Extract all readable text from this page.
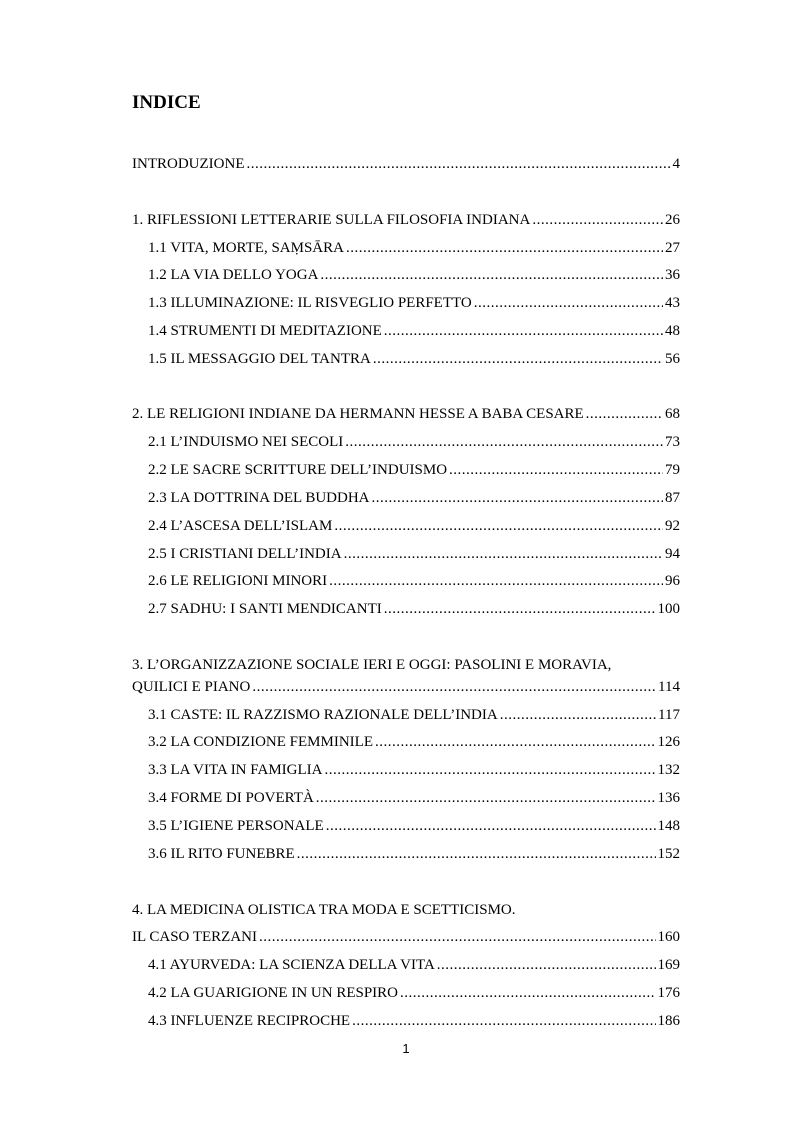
INDICE
INTRODUZIONE .....	4
1. RIFLESSIONI LETTERARIE SULLA FILOSOFIA INDIANA .....	26
1.1 VITA, MORTE, SAṂSĀRA .....	27
1.2 LA VIA DELLO YOGA .....	36
1.3 ILLUMINAZIONE: IL RISVEGLIO PERFETTO .....	43
1.4 STRUMENTI DI MEDITAZIONE .....	48
1.5 IL MESSAGGIO DEL TANTRA .....	56
2. LE RELIGIONI INDIANE DA HERMANN HESSE A BABA CESARE .....	68
2.1 L’INDUISMO NEI SECOLI .....	73
2.2 LE SACRE SCRITTURE DELL’INDUISMO .....	79
2.3 LA DOTTRINA DEL BUDDHA .....	87
2.4 L’ASCESA DELL’ISLAM .....	92
2.5 I CRISTIANI DELL’INDIA .....	94
2.6 LE RELIGIONI MINORI .....	96
2.7 SADHU: I SANTI MENDICANTI .....	100
3. L’ORGANIZZAZIONE SOCIALE IERI E OGGI: PASOLINI E MORAVIA,
QUILICI E PIANO .....	114
3.1 CASTE: IL RAZZISMO RAZIONALE DELL’INDIA .....	117
3.2 LA CONDIZIONE FEMMINILE .....	126
3.3 LA VITA IN FAMIGLIA .....	132
3.4 FORME DI POVERTÀ .....	136
3.5 L’IGIENE PERSONALE .....	148
3.6 IL RITO FUNEBRE .....	152
4. LA MEDICINA OLISTICA TRA MODA E SCETTICISMO.
IL CASO TERZANI .....	160
4.1 AYURVEDA: LA SCIENZA DELLA VITA .....	169
4.2 LA GUARIGIONE IN UN RESPIRO .....	176
4.3 INFLUENZE RECIPROCHE .....	186
1
